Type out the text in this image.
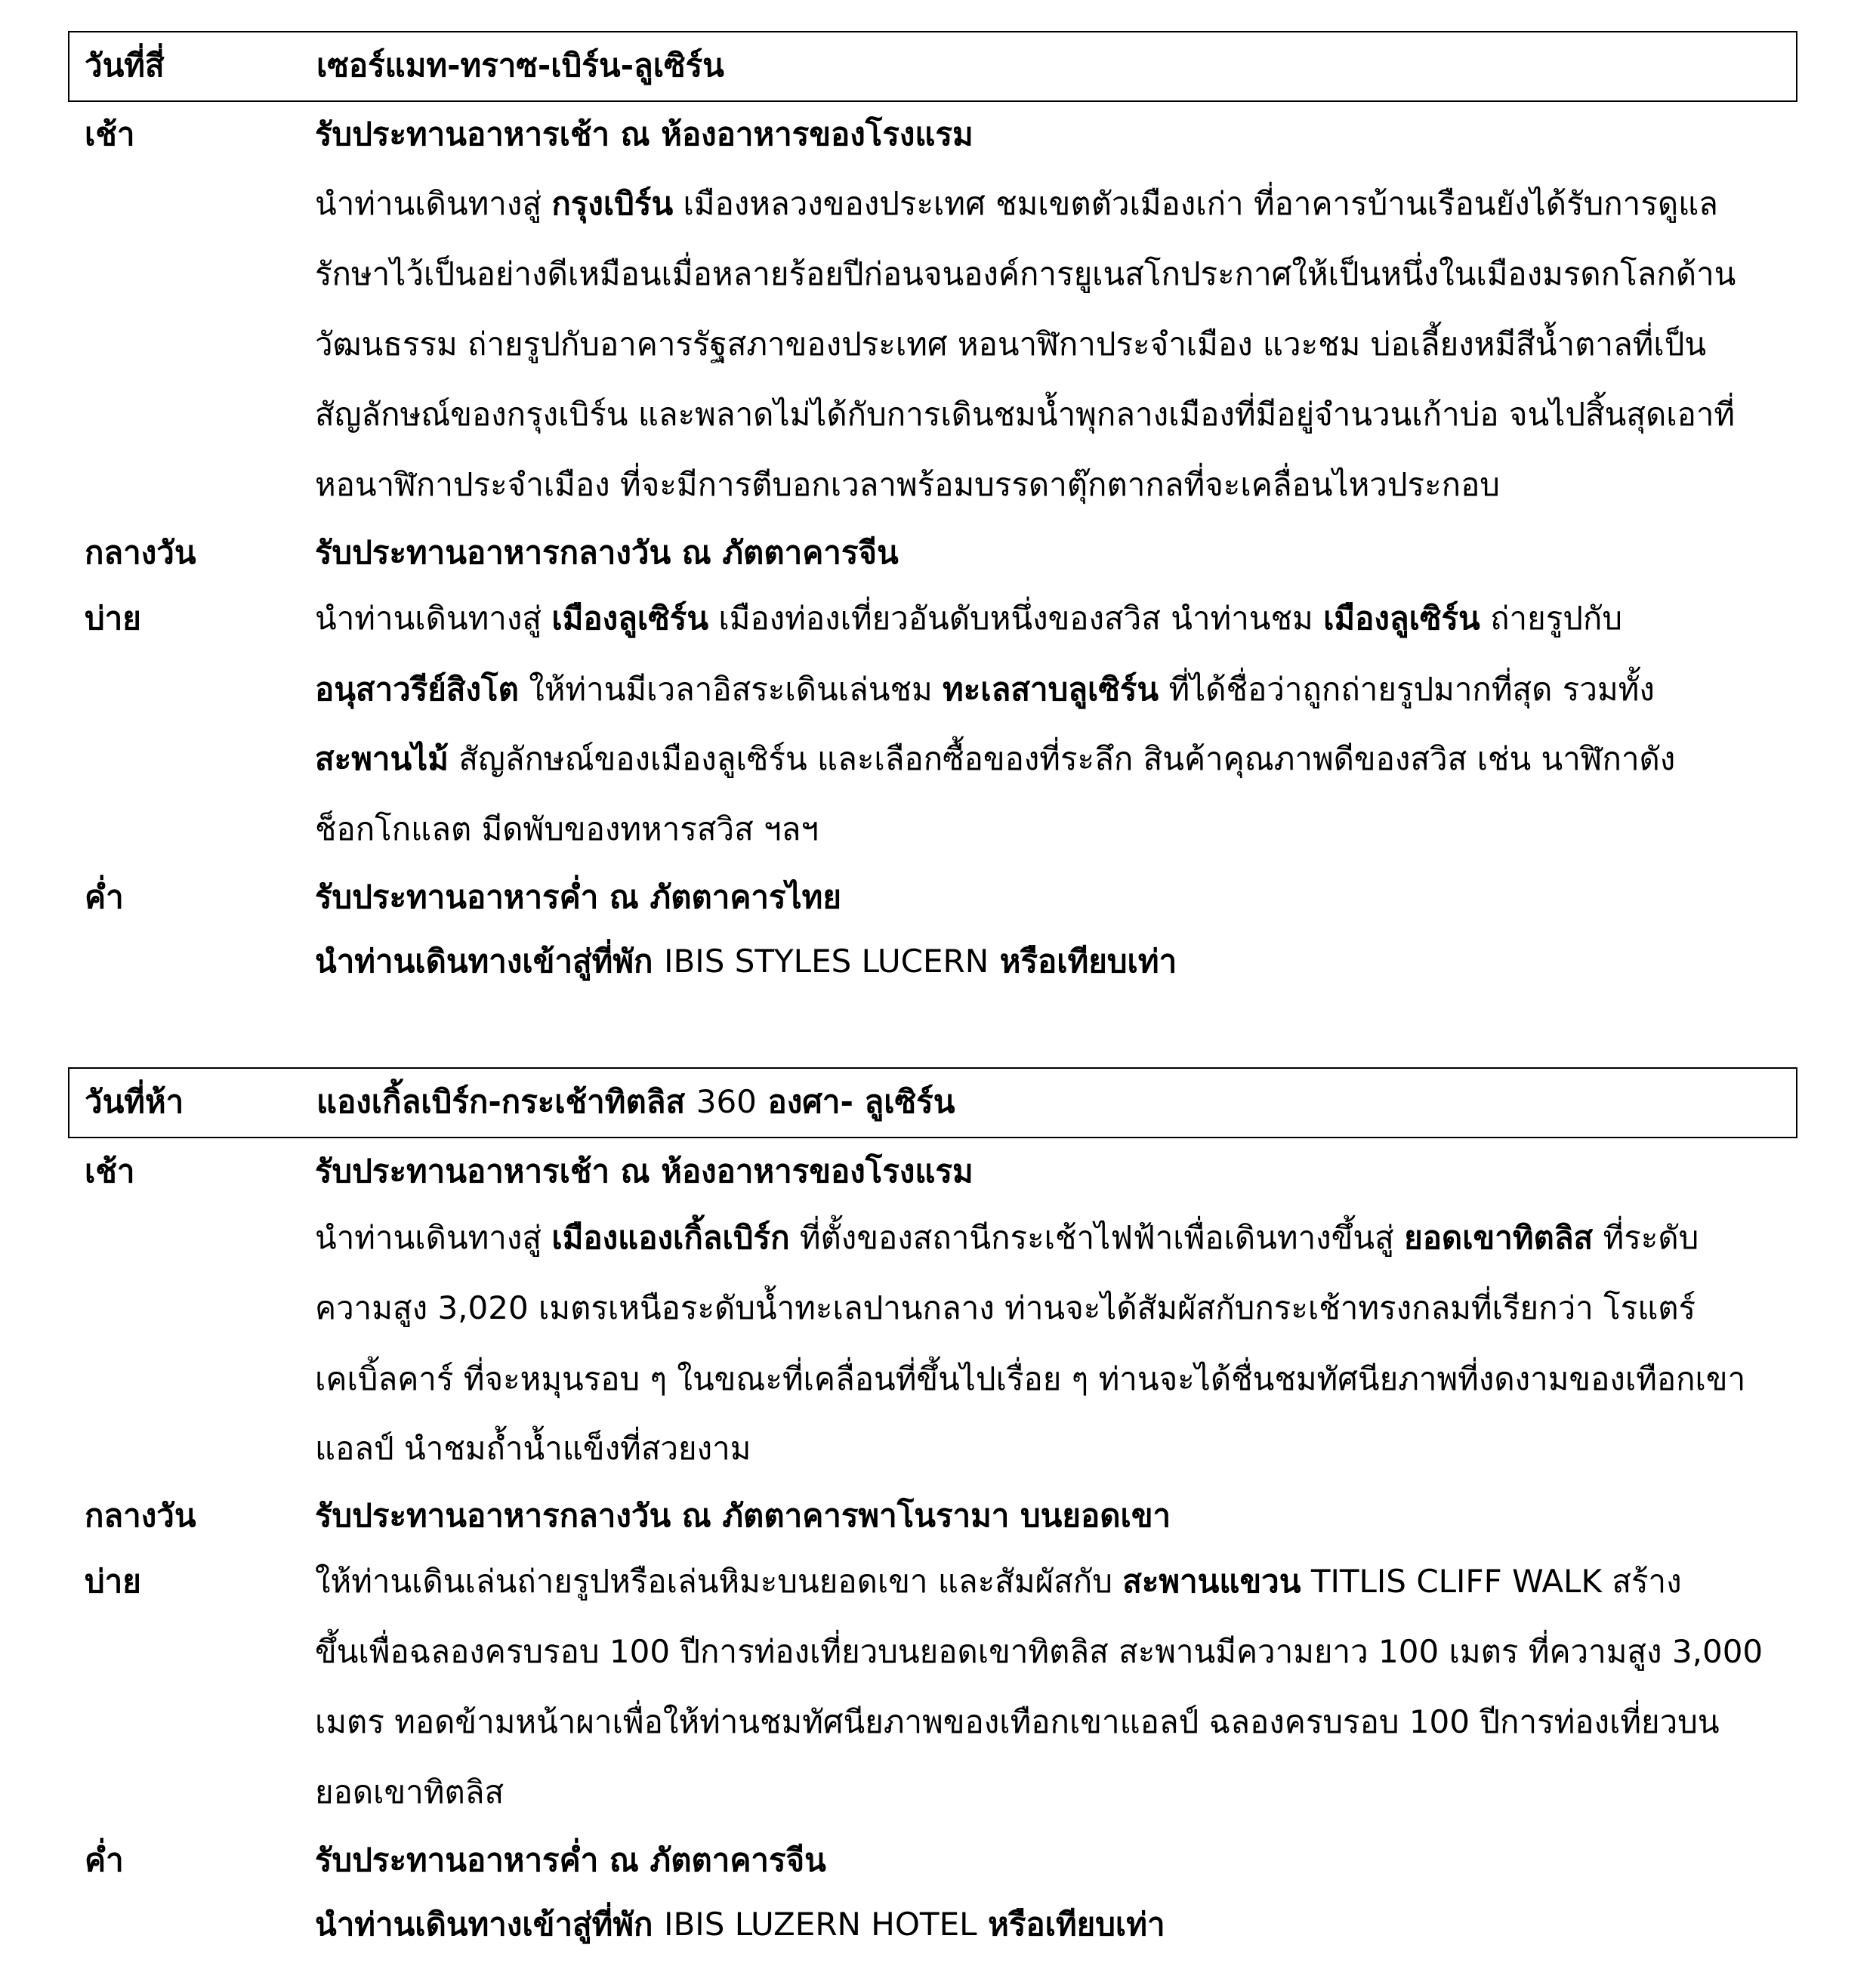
วันที่สี่	เซอร์แมท-ทราซ-เบิร์น-ลูเซิร์น
เช้า	รับประทานอาหารเช้า ณ ห้องอาหารของโรงแรม
นำท่านเดินทางสู่ กรุงเบิร์น เมืองหลวงของประเทศ ชมเขตตัวเมืองเก่า ที่อาคารบ้านเรือนยังได้รับการดูแล
รักษาไว้เป็นอย่างดีเหมือนเมื่อหลายร้อยปีก่อนจนองค์การยูเนสโกประกาศให้เป็นหนึ่งในเมืองมรดกโลกด้าน
วัฒนธรรม ถ่ายรูปกับอาคารรัฐสภาของประเทศ หอนาฬิกาประจำเมือง แวะชม บ่อเลี้ยงหมีสีน้ำตาลที่เป็น
สัญลักษณ์ของกรุงเบิร์น และพลาดไม่ได้กับการเดินชมน้ำพุกลางเมืองที่มีอยู่จำนวนเก้าบ่อ จนไปสิ้นสุดเอาที่
หอนาฬิกาประจำเมือง ที่จะมีการตีบอกเวลาพร้อมบรรดาตุ๊กตากลที่จะเคลื่อนไหวประกอบ
กลางวัน	รับประทานอาหารกลางวัน ณ ภัตตาคารจีน
บ่าย	นำท่านเดินทางสู่ เมืองลูเซิร์น เมืองท่องเที่ยวอันดับหนึ่งของสวิส นำท่านชม เมืองลูเซิร์น ถ่ายรูปกับ
อนุสาวรีย์สิงโต ให้ท่านมีเวลาอิสระเดินเล่นชม ทะเลสาบลูเซิร์น ที่ได้ชื่อว่าถูกถ่ายรูปมากที่สุด รวมทั้ง
สะพานไม้ สัญลักษณ์ของเมืองลูเซิร์น และเลือกซื้อของที่ระลึก สินค้าคุณภาพดีของสวิส เช่น นาฬิกาดัง
ช็อกโกแลต มีดพับของทหารสวิส ฯลฯ
ค่ำ	รับประทานอาหารค่ำ ณ ภัตตาคารไทย
นำท่านเดินทางเข้าสู่ที่พัก IBIS STYLES LUCERN หรือเทียบเท่า
วันที่ห้า	แองเกิ้ลเบิร์ก-กระเช้าทิตลิส 360 องศา- ลูเซิร์น
เช้า	รับประทานอาหารเช้า ณ ห้องอาหารของโรงแรม
นำท่านเดินทางสู่ เมืองแองเกิ้ลเบิร์ก ที่ตั้งของสถานีกระเช้าไฟฟ้าเพื่อเดินทางขึ้นสู่ ยอดเขาทิตลิส ที่ระดับ
ความสูง 3,020 เมตรเหนือระดับน้ำทะเลปานกลาง ท่านจะได้สัมผัสกับกระเช้าทรงกลมที่เรียกว่า โรแตร์
เคเบิ้ลคาร์ ที่จะหมุนรอบ ๆ ในขณะที่เคลื่อนที่ขึ้นไปเรื่อย ๆ ท่านจะได้ชื่นชมทัศนียภาพที่งดงามของเทือกเขา
แอลป์ นำชมถ้ำน้ำแข็งที่สวยงาม
กลางวัน	รับประทานอาหารกลางวัน ณ ภัตตาคารพาโนรามา บนยอดเขา
บ่าย	ให้ท่านเดินเล่นถ่ายรูปหรือเล่นหิมะบนยอดเขา และสัมผัสกับ สะพานแขวน TITLIS CLIFF WALK สร้าง
ขึ้นเพื่อฉลองครบรอบ 100 ปีการท่องเที่ยวบนยอดเขาทิตลิส สะพานมีความยาว 100 เมตร ที่ความสูง 3,000
เมตร ทอดข้ามหน้าผาเพื่อให้ท่านชมทัศนียภาพของเทือกเขาแอลป์ ฉลองครบรอบ 100 ปีการท่องเที่ยวบน
ยอดเขาทิตลิส
ค่ำ	รับประทานอาหารค่ำ ณ ภัตตาคารจีน
นำท่านเดินทางเข้าสู่ที่พัก IBIS LUZERN HOTEL หรือเทียบเท่า
